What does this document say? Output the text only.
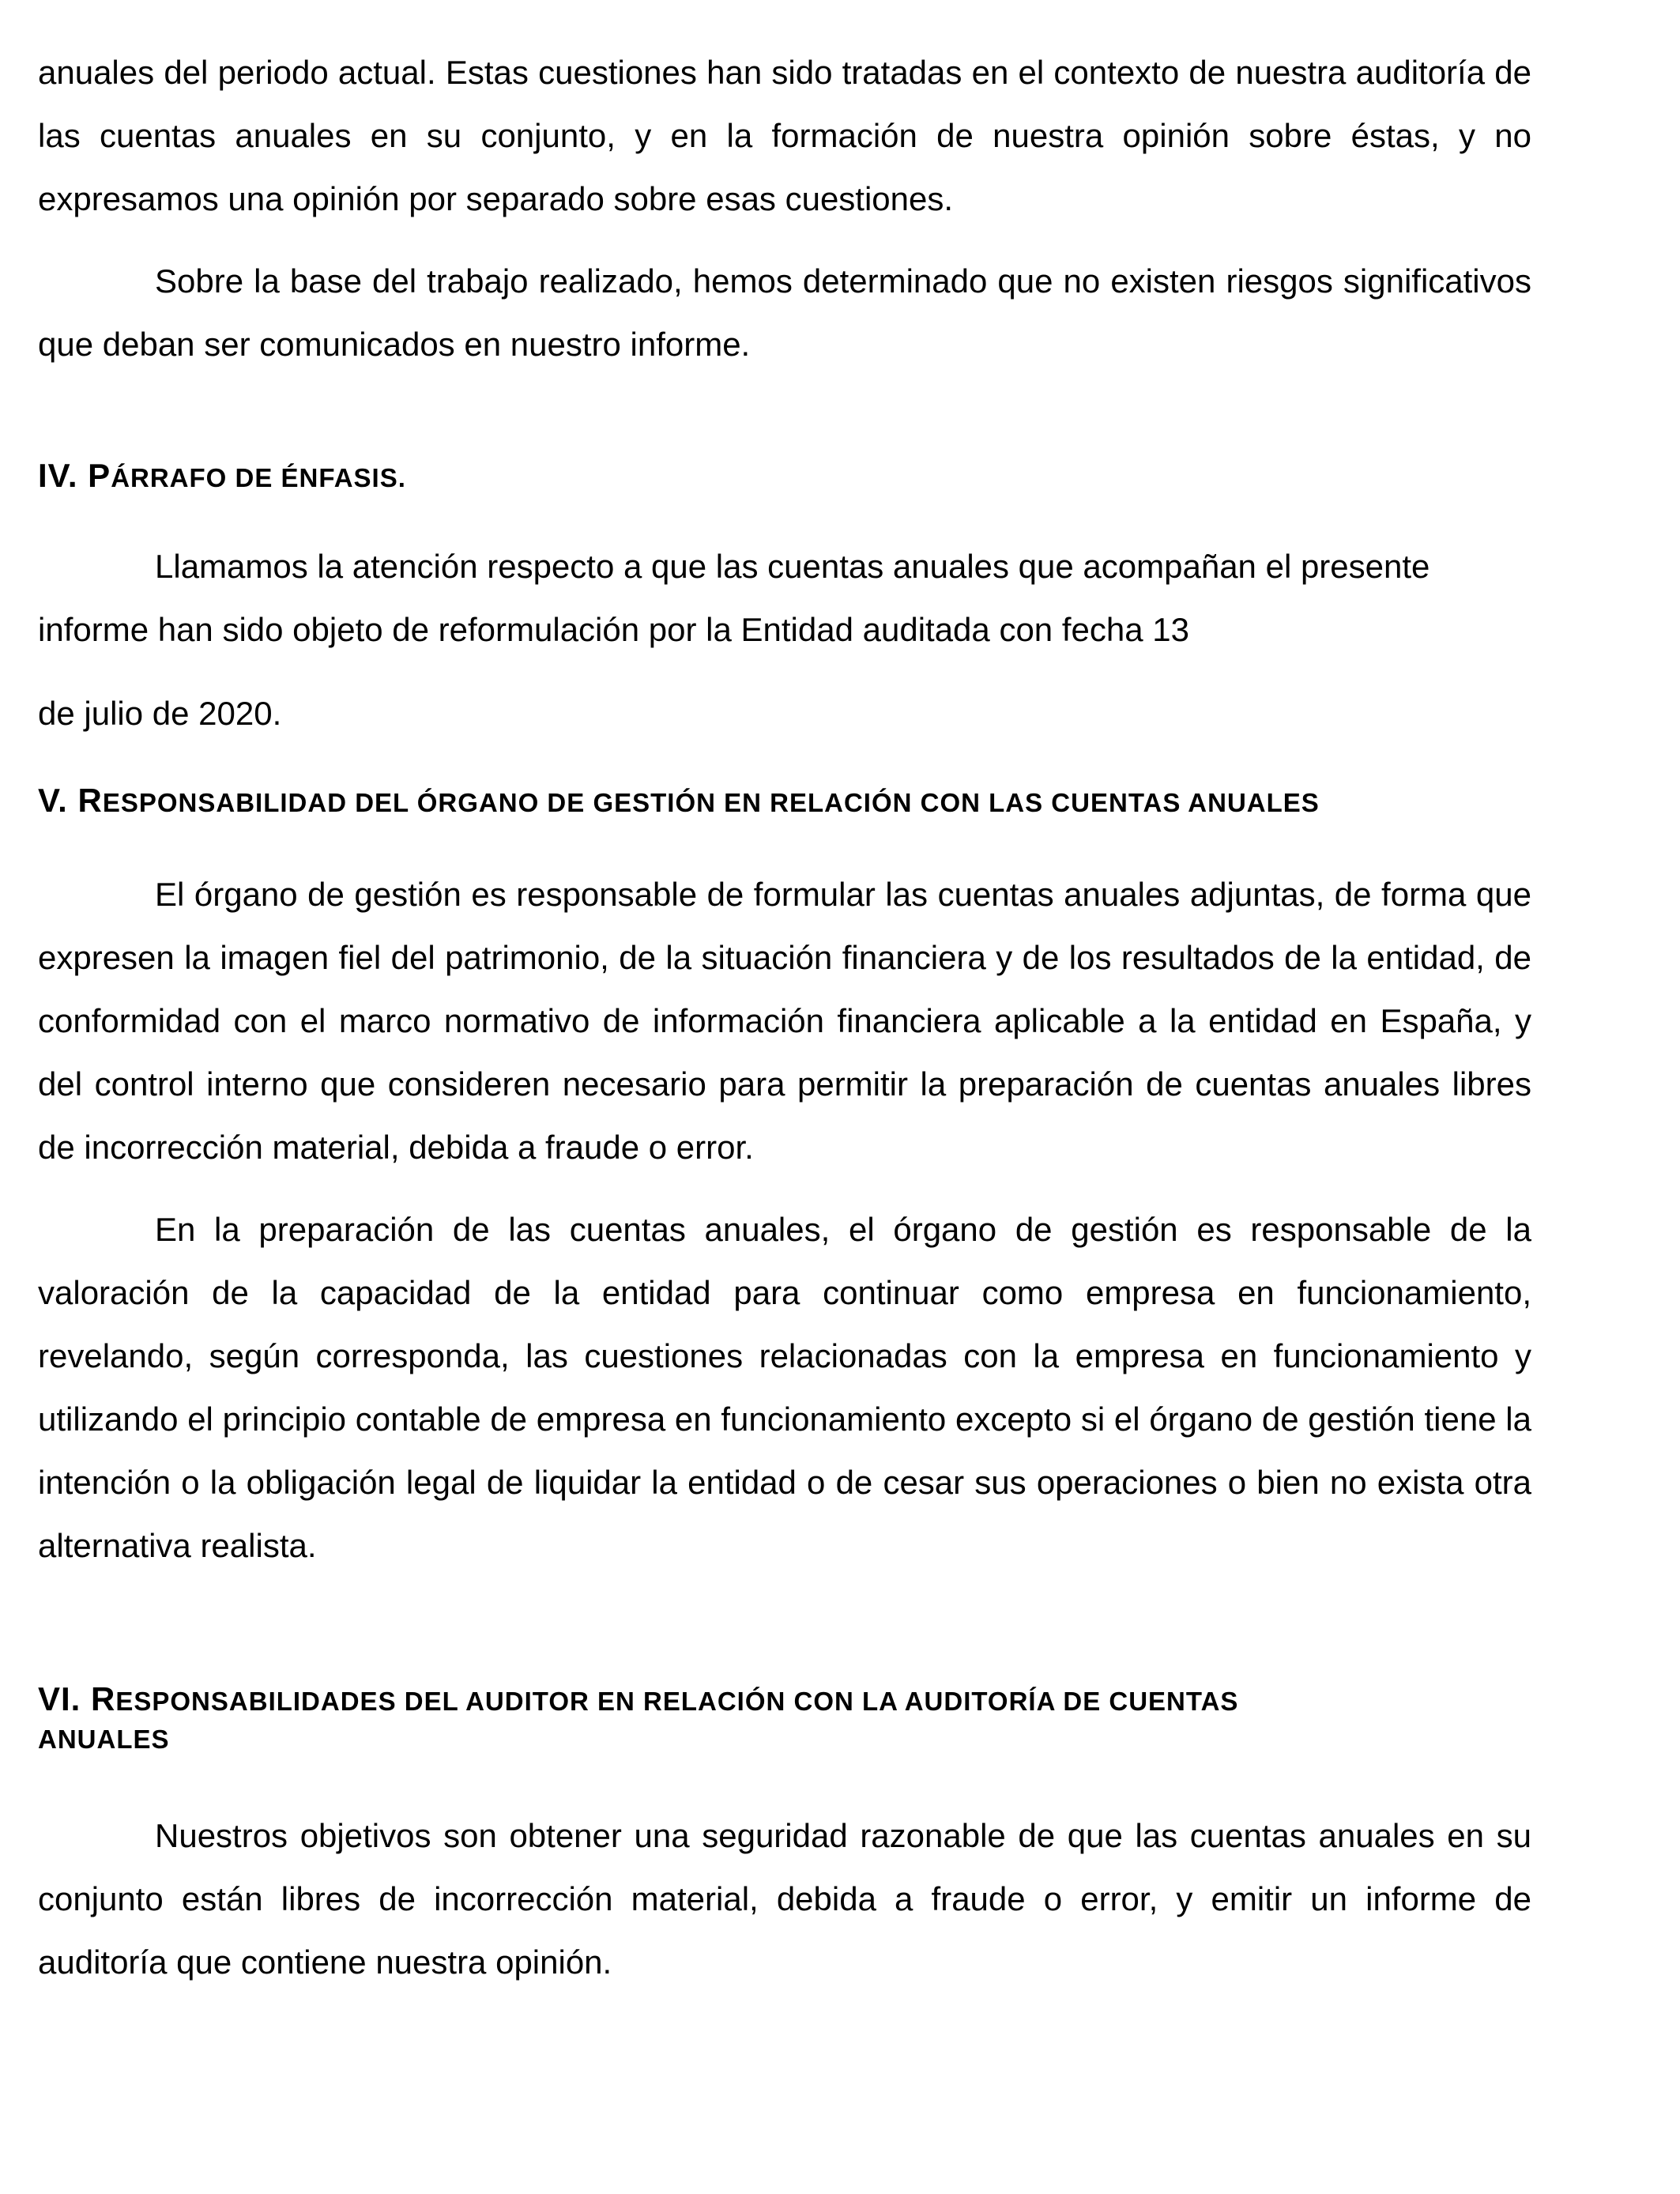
anuales del periodo actual. Estas cuestiones han sido tratadas en el contexto de nuestra auditoría de las cuentas anuales en su conjunto, y en la formación de nuestra opinión sobre éstas, y no expresamos una opinión por separado sobre esas cuestiones.

Sobre la base del trabajo realizado, hemos determinado que no existen riesgos significativos que deban ser comunicados en nuestro informe.

IV. PÁRRAFO DE ÉNFASIS.

Llamamos la atención respecto a que las cuentas anuales que acompañan el presente informe han sido objeto de reformulación por la Entidad auditada con fecha 13

de julio de 2020.

V. RESPONSABILIDAD DEL ÓRGANO DE GESTIÓN EN RELACIÓN CON LAS CUENTAS ANUALES

El órgano de gestión es responsable de formular las cuentas anuales adjuntas, de forma que expresen la imagen fiel del patrimonio, de la situación financiera y de los resultados de la entidad, de conformidad con el marco normativo de información financiera aplicable a la entidad en España, y del control interno que consideren necesario para permitir la preparación de cuentas anuales libres de incorrección material, debida a fraude o error.

En la preparación de las cuentas anuales, el órgano de gestión es responsable de la valoración de la capacidad de la entidad para continuar como empresa en funcionamiento, revelando, según corresponda, las cuestiones relacionadas con la empresa en funcionamiento y utilizando el principio contable de empresa en funcionamiento excepto si el órgano de gestión tiene la intención o la obligación legal de liquidar la entidad o de cesar sus operaciones o bien no exista otra alternativa realista.

VI. RESPONSABILIDADES DEL AUDITOR EN RELACIÓN CON LA AUDITORÍA DE CUENTAS
ANUALES

Nuestros objetivos son obtener una seguridad razonable de que las cuentas anuales en su conjunto están libres de incorrección material, debida a fraude o error, y emitir un informe de auditoría que contiene nuestra opinión.
